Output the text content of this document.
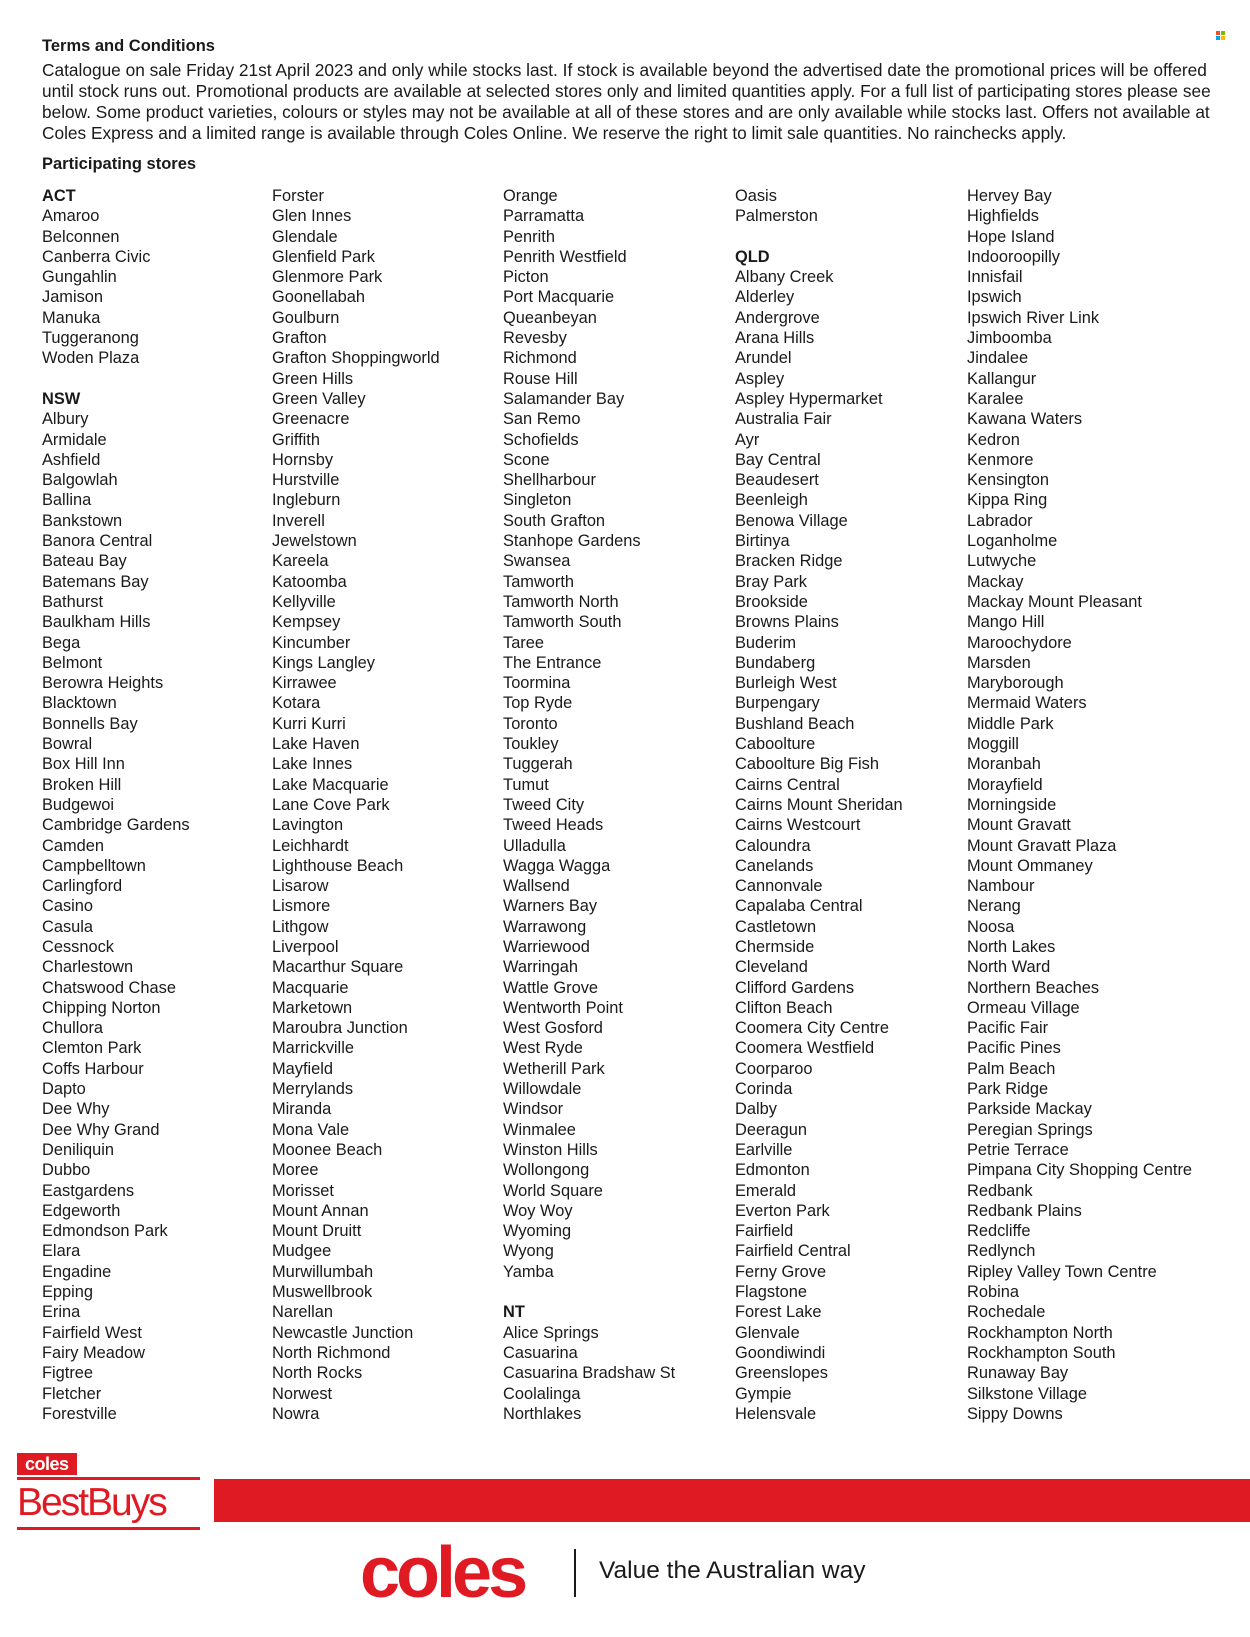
Terms and Conditions

Catalogue on sale Friday 21st April 2023 and only while stocks last. If stock is available beyond the advertised date the promotional prices will be offered until stock runs out. Promotional products are available at selected stores only and limited quantities apply. For a full list of participating stores please see below. Some product varieties, colours or styles may not be available at all of these stores and are only available while stocks last. Offers not available at Coles Express and a limited range is available through Coles Online. We reserve the right to limit sale quantities. No rainchecks apply.

Participating stores
ACT
Amaroo
Belconnen
Canberra Civic
Gungahlin
Jamison
Manuka
Tuggeranong
Woden Plaza
NSW
Albury
Armidale
Ashfield
Balgowlah
Ballina
Bankstown
Banora Central
Bateau Bay
Batemans Bay
Bathurst
Baulkham Hills
Bega
Belmont
Berowra Heights
Blacktown
Bonnells Bay
Bowral
Box Hill Inn
Broken Hill
Budgewoi
Cambridge Gardens
Camden
Campbelltown
Carlingford
Casino
Casula
Cessnock
Charlestown
Chatswood Chase
Chipping Norton
Chullora
Clemton Park
Coffs Harbour
Dapto
Dee Why
Dee Why Grand
Deniliquin
Dubbo
Eastgardens
Edgeworth
Edmondson Park
Elara
Engadine
Epping
Erina
Fairfield West
Fairy Meadow
Figtree
Fletcher
Forestville
Forster
Glen Innes
Glendale
Glenfield Park
Glenmore Park
Goonellabah
Goulburn
Grafton
Grafton Shoppingworld
Green Hills
Green Valley
Greenacre
Griffith
Hornsby
Hurstville
Ingleburn
Inverell
Jewelstown
Kareela
Katoomba
Kellyville
Kempsey
Kincumber
Kings Langley
Kirrawee
Kotara
Kurri Kurri
Lake Haven
Lake Innes
Lake Macquarie
Lane Cove Park
Lavington
Leichhardt
Lighthouse Beach
Lisarow
Lismore
Lithgow
Liverpool
Macarthur Square
Macquarie
Marketown
Maroubra Junction
Marrickville
Mayfield
Merrylands
Miranda
Mona Vale
Moonee Beach
Moree
Morisset
Mount Annan
Mount Druitt
Mudgee
Murwillumbah
Muswellbrook
Narellan
Newcastle Junction
North Richmond
North Rocks
Norwest
Nowra
Orange
Parramatta
Penrith
Penrith Westfield
Picton
Port Macquarie
Queanbeyan
Revesby
Richmond
Rouse Hill
Salamander Bay
San Remo
Schofields
Scone
Shellharbour
Singleton
South Grafton
Stanhope Gardens
Swansea
Tamworth
Tamworth North
Tamworth South
Taree
The Entrance
Toormina
Top Ryde
Toronto
Toukley
Tuggerah
Tumut
Tweed City
Tweed Heads
Ulladulla
Wagga Wagga
Wallsend
Warners Bay
Warrawong
Warriewood
Warringah
Wattle Grove
Wentworth Point
West Gosford
West Ryde
Wetherill Park
Willowdale
Windsor
Winmalee
Winston Hills
Wollongong
World Square
Woy Woy
Wyoming
Wyong
Yamba
NT
Alice Springs
Casuarina
Casuarina Bradshaw St
Coolalinga
Northlakes
Oasis
Palmerston
QLD
Albany Creek
Alderley
Andergrove
Arana Hills
Arundel
Aspley
Aspley Hypermarket
Australia Fair
Ayr
Bay Central
Beaudesert
Beenleigh
Benowa Village
Birtinya
Bracken Ridge
Bray Park
Brookside
Browns Plains
Buderim
Bundaberg
Burleigh West
Burpengary
Bushland Beach
Caboolture
Caboolture Big Fish
Cairns Central
Cairns Mount Sheridan
Cairns Westcourt
Caloundra
Canelands
Cannonvale
Capalaba Central
Castletown
Chermside
Cleveland
Clifford Gardens
Clifton Beach
Coomera City Centre
Coomera Westfield
Coorparoo
Corinda
Dalby
Deeragun
Earlville
Edmonton
Emerald
Everton Park
Fairfield
Fairfield Central
Ferny Grove
Flagstone
Forest Lake
Glenvale
Goondiwindi
Greenslopes
Gympie
Helensvale
Hervey Bay
Highfields
Hope Island
Indooroopilly
Innisfail
Ipswich
Ipswich River Link
Jimboomba
Jindalee
Kallangur
Karalee
Kawana Waters
Kedron
Kenmore
Kensington
Kippa Ring
Labrador
Loganholme
Lutwyche
Mackay
Mackay Mount Pleasant
Mango Hill
Maroochydore
Marsden
Maryborough
Mermaid Waters
Middle Park
Moggill
Moranbah
Morayfield
Morningside
Mount Gravatt
Mount Gravatt Plaza
Mount Ommaney
Nambour
Nerang
Noosa
North Lakes
North Ward
Northern Beaches
Ormeau Village
Pacific Fair
Pacific Pines
Palm Beach
Park Ridge
Parkside Mackay
Peregian Springs
Petrie Terrace
Pimpana City Shopping Centre
Redbank
Redbank Plains
Redcliffe
Redlynch
Ripley Valley Town Centre
Robina
Rochedale
Rockhampton North
Rockhampton South
Runaway Bay
Silkstone Village
Sippy Downs
coles
BestBuys
coles	Value the Australian way
